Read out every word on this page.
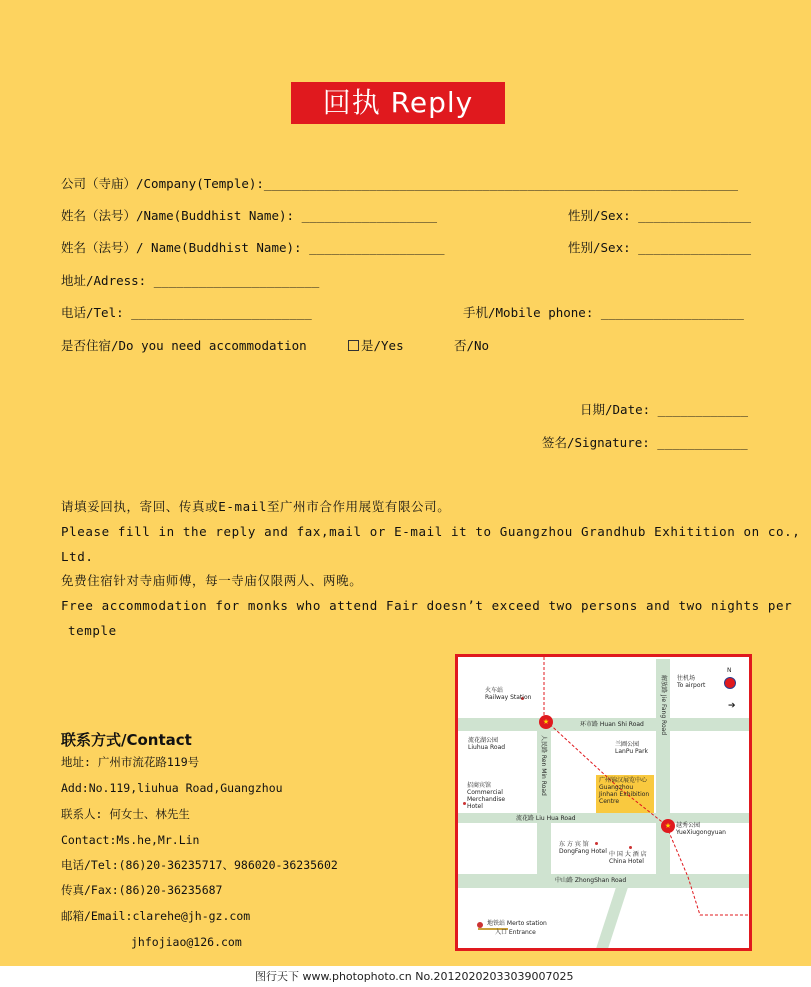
回执 Reply
公司（寺庙）/Company(Temple):_______________________________________________________________
姓名（法号）/Name(Buddhist Name): __________________	性别/Sex: _______________
姓名（法号）/ Name(Buddhist Name): __________________	性别/Sex: _______________
地址/Adress: ______________________
电话/Tel: ________________________	手机/Mobile phone: ___________________
是否住宿/Do you need accommodation	是/Yes	否/No
日期/Date: ____________
签名/Signature: ____________
请填妥回执，寄回、传真或E-mail至广州市合作用展览有限公司。
Please fill in the reply and fax,mail or E-mail it to Guangzhou Grandhub Exhitition on co.,
Ltd.
免费住宿针对寺庙师傅，每一寺庙仅限两人、两晚。
Free accommodation for monks who attend Fair doesn’t exceed two persons and two nights per
temple
联系方式/Contact
地址: 广州市流花路119号
Add:No.119,liuhua Road,Guangzhou
联系人: 何女士、林先生
Contact:Ms.he,Mr.Lin
电话/Tel:(86)20-36235717、986020-36235602
传真/Fax:(86)20-36235687
邮箱/Email:clarehe@jh-gz.com
jhfojiao@126.com
★
★
N
➔
火车站
Railway Station
往机场
To airport
环市路 Huan Shi Road
流花湖公园
Liuhua Road	兰圃公园
LanPu Park
人民路 Ren Min Road
解放路 Jie Fang Road
招商宾馆
Commercial
Merchandise
Hotel
广州锦汉展览中心
Guangzhou
Jinhan Exhibition
Centre
越秀公园
YueXiugongyuan
流花路 Liu Hua Road
东 方 宾 馆
DongFang Hotel 中 国 大 酒 店
China Hotel
中山路 ZhongShan Road
地铁站 Merto station
入口 Entrance
图行天下 www.photophoto.cn No.20120202033039007025
